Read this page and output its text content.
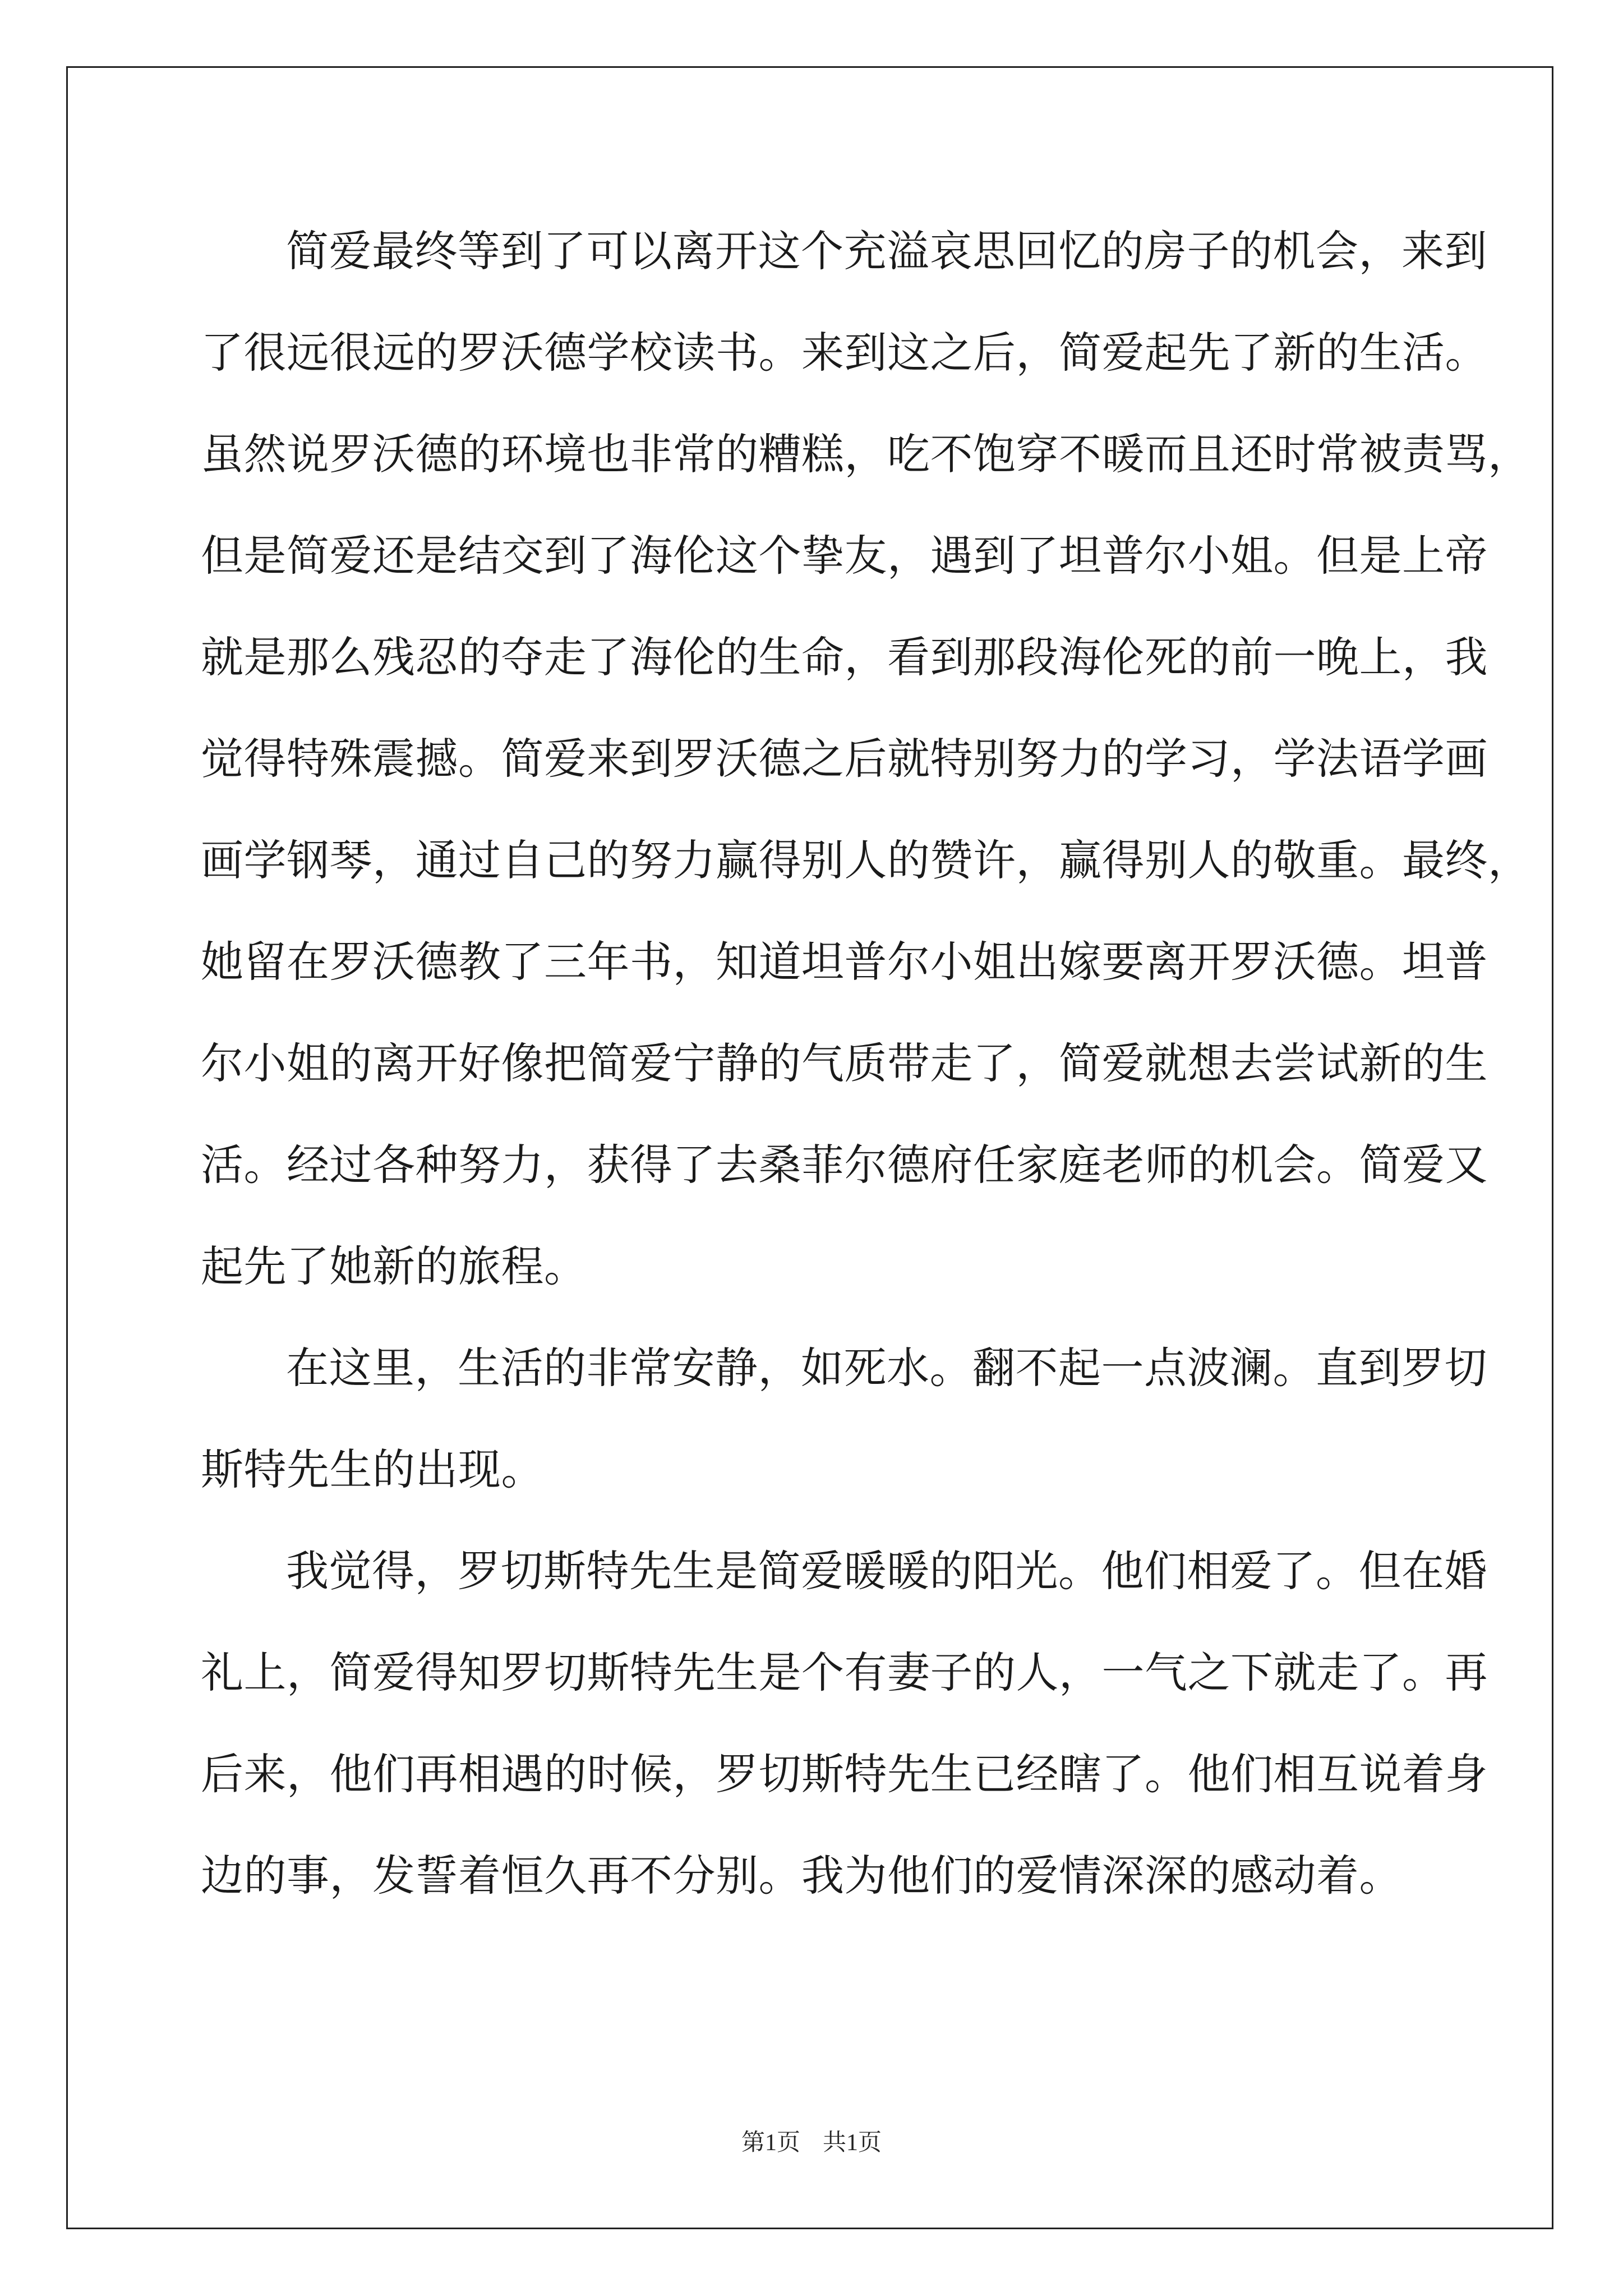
简爱最终等到了可以离开这个充溢哀思回忆的房子的机会，来到
了很远很远的罗沃德学校读书。来到这之后，简爱起先了新的生活。
虽然说罗沃德的环境也非常的糟糕，吃不饱穿不暖而且还时常被责骂，
但是简爱还是结交到了海伦这个挚友，遇到了坦普尔小姐。但是上帝
就是那么残忍的夺走了海伦的生命，看到那段海伦死的前一晚上，我
觉得特殊震撼。简爱来到罗沃德之后就特别努力的学习，学法语学画
画学钢琴，通过自己的努力赢得别人的赞许，赢得别人的敬重。最终，
她留在罗沃德教了三年书，知道坦普尔小姐出嫁要离开罗沃德。坦普
尔小姐的离开好像把简爱宁静的气质带走了，简爱就想去尝试新的生
活。经过各种努力，获得了去桑菲尔德府任家庭老师的机会。简爱又
起先了她新的旅程。
在这里，生活的非常安静，如死水。翻不起一点波澜。直到罗切
斯特先生的出现。
我觉得，罗切斯特先生是简爱暖暖的阳光。他们相爱了。但在婚
礼上，简爱得知罗切斯特先生是个有妻子的人，一气之下就走了。再
后来，他们再相遇的时候，罗切斯特先生已经瞎了。他们相互说着身
边的事，发誓着恒久再不分别。我为他们的爱情深深的感动着。
第1页 共1页
